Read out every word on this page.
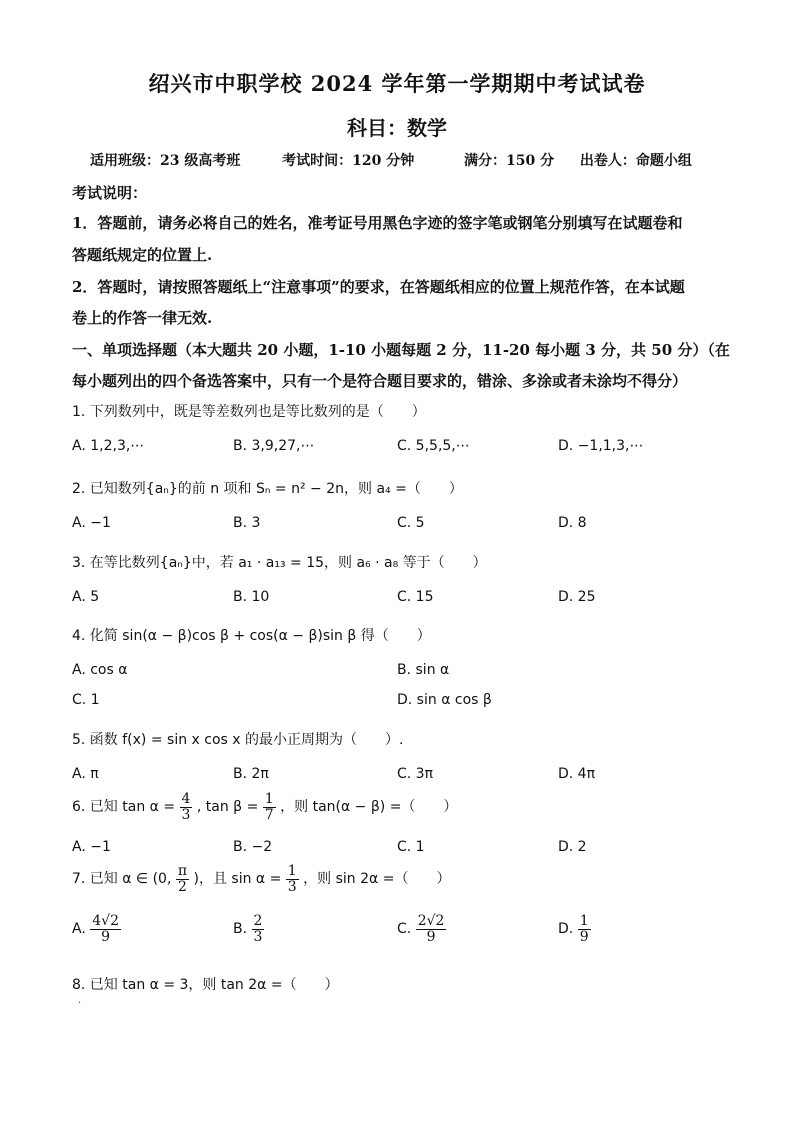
绍兴市中职学校 2024 学年第一学期期中考试试卷
科目：数学
适用班级：23 级高考班	考试时间：120 分钟	满分：150 分 出卷人：命题小组
考试说明：
1．答题前，请务必将自己的姓名，准考证号用黑色字迹的签字笔或钢笔分别填写在试题卷和
答题纸规定的位置上.
2．答题时，请按照答题纸上“注意事项”的要求，在答题纸相应的位置上规范作答，在本试题
卷上的作答一律无效.
一、单项选择题（本大题共 20 小题，1-10 小题每题 2 分，11-20 每小题 3 分，共 50 分）（在
每小题列出的四个备选答案中，只有一个是符合题目要求的，错涂、多涂或者未涂均不得分）
1. 下列数列中，既是等差数列也是等比数列的是（　　）
A. 1,2,3,⋯	B. 3,9,27,⋯	C. 5,5,5,⋯	D. −1,1,3,⋯
2. 已知数列{aₙ}的前 n 项和 Sₙ = n² − 2n，则 a₄ =（　　）
A. −1	B. 3	C. 5	D. 8
3. 在等比数列{aₙ}中，若 a₁ · a₁₃ = 15，则 a₆ · a₈ 等于（　　）
A. 5	B. 10	C. 15	D. 25
4. 化简 sin(α − β)cos β + cos(α − β)sin β 得（　　）
A. cos α	B. sin α
C. 1	D. sin α cos β
5. 函数 f(x) = sin x cos x 的最小正周期为（　　）.
A. π	B. 2π	C. 3π	D. 4π
6. 已知 $\tan \alpha = \frac{4}{3}$ , $\tan \beta = \frac{1}{7}$ ，则 tan(α − β) =（　　）
A. −1	B. −2	C. 1	D. 2
7. 已知 α ∈ (0, $\frac{\pi}{2}$ )，且 $\sin \alpha = \frac{1}{3}$ ，则 sin 2α =（　　）
A. $\frac{4√2}{9}$	B. $\frac{2}{3}$	C. $\frac{2√2}{9}$	D. $\frac{1}{9}$
8. 已知 tan α = 3，则 tan 2α =（　　）
·
